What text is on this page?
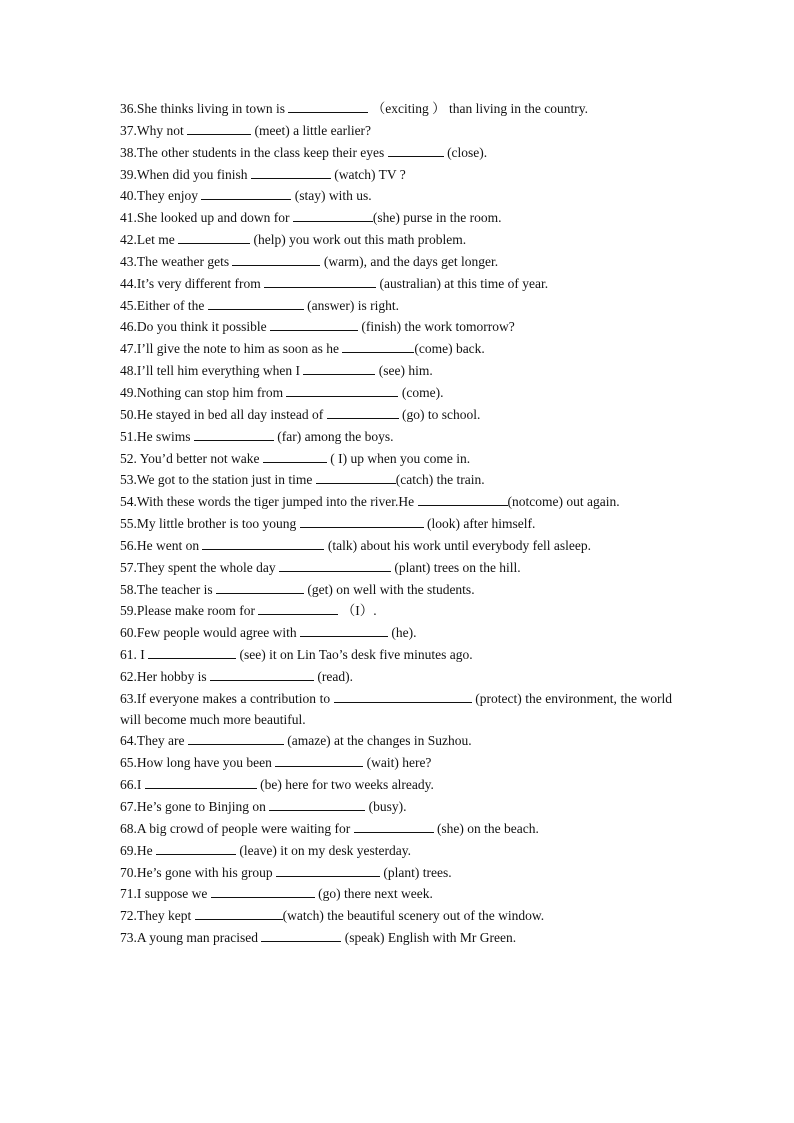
36.She thinks living in town is	（exciting ） than living in the country.
37.Why not	(meet) a little earlier?
38.The other students in the class keep their eyes	(close).
39.When did you finish	(watch) TV ?
40.They enjoy	(stay) with us.
41.She looked up and down for	(she) purse in the room.
42.Let me	(help) you work out this math problem.
43.The weather gets	(warm), and the days get longer.
44.It’s very different from	(australian) at this time of year.
45.Either of the	(answer) is right.
46.Do you think it possible	(finish) the work tomorrow?
47.I’ll give the note to him as soon as he	(come) back.
48.I’ll tell him everything when I	(see) him.
49.Nothing can stop him from	(come).
50.He stayed in bed all day instead of	(go) to school.
51.He swims	(far) among the boys.
52. You’d better not wake	( I) up when you come in.
53.We got to the station just in time	(catch) the train.
54.With these words the tiger jumped into the river.He	(notcome) out again.
55.My little brother is too young	(look) after himself.
56.He went on	(talk) about his work until everybody fell asleep.
57.They spent the whole day	(plant) trees on the hill.
58.The teacher is	(get) on well with the students.
59.Please make room for	（I）.
60.Few people would agree with	(he).
61. I	(see) it on Lin Tao’s desk five minutes ago.
62.Her hobby is	(read).
63.If everyone makes a contribution to	(protect) the environment, the world will become much more beautiful.
64.They are	(amaze) at the changes in Suzhou.
65.How long have you been	(wait) here?
66.I	(be) here for two weeks already.
67.He’s gone to Binjing on	(busy).
68.A big crowd of people were waiting for	(she) on the beach.
69.He	(leave) it on my desk yesterday.
70.He’s gone with his group	(plant) trees.
71.I suppose we	(go) there next week.
72.They kept	(watch) the beautiful scenery out of the window.
73.A young man pracised	(speak) English with Mr Green.
